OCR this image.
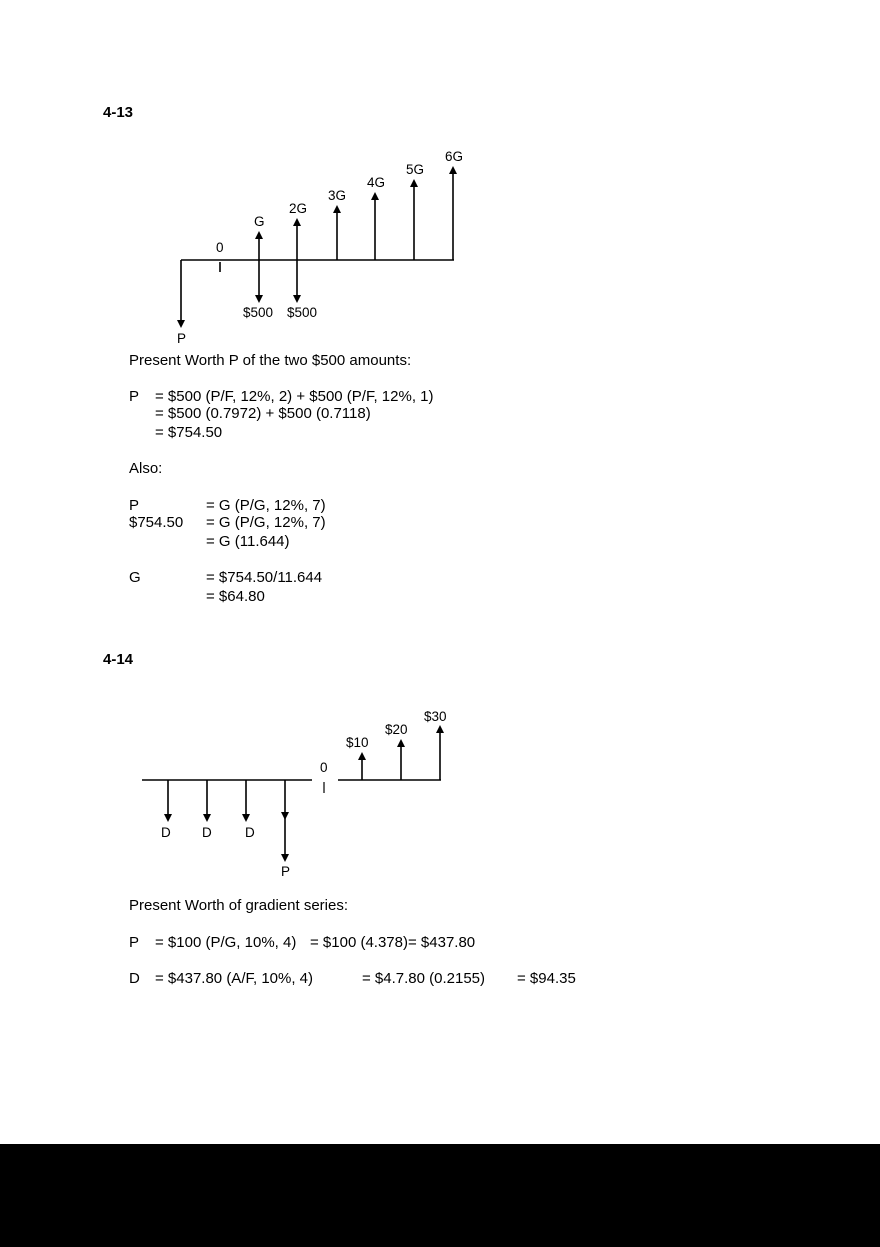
4-13
0
P
G
2G
3G
4G
5G
6G
$500 $500
Present Worth P of the two $500 amounts:
P = $500 (P/F, 12%, 2) + $500 (P/F, 12%, 1)
= $500 (0.7972) + $500 (0.7118)
= $754.50
Also:
P	= G (P/G, 12%, 7)
$754.50 = G (P/G, 12%, 7)
= G (11.644)
G	= $754.50/11.644
= $64.80
4-14
0
D D D
P
$10
$20
$30
Present Worth of gradient series:
P = $100 (P/G, 10%, 4) = $100 (4.378)= $437.80
D = $437.80 (A/F, 10%, 4)	= $4.7.80 (0.2155) = $94.35
